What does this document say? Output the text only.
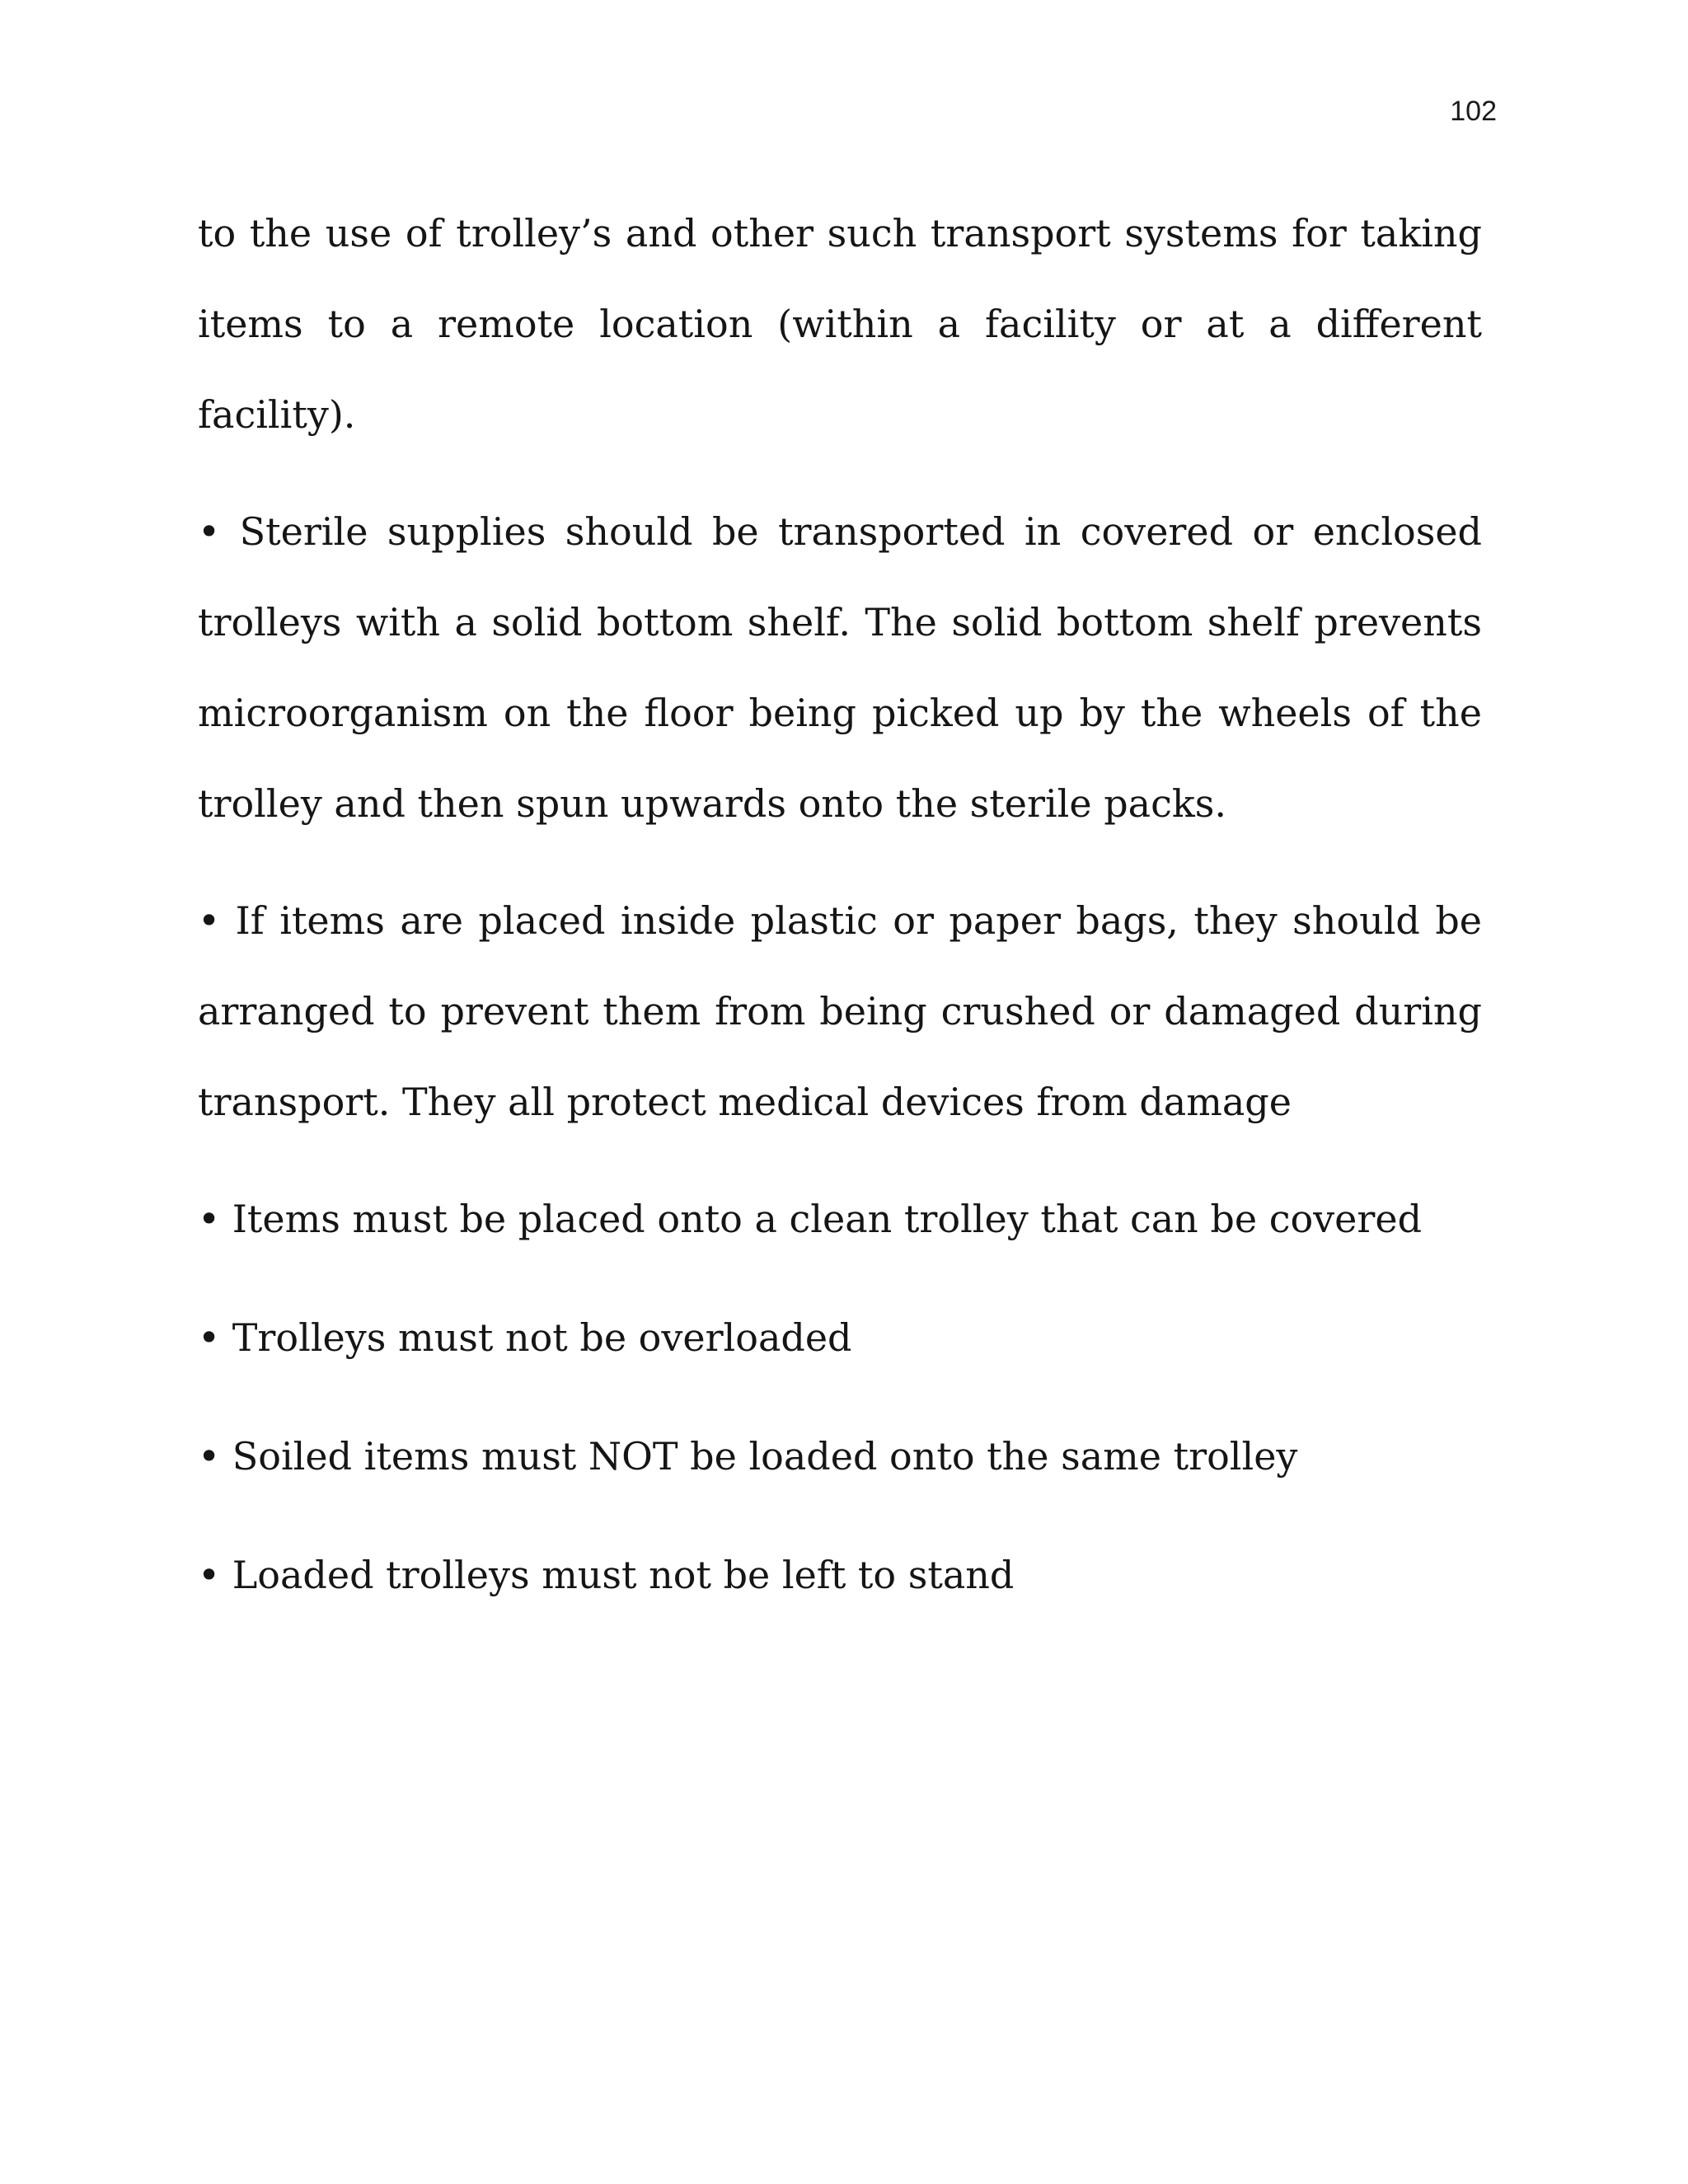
102

to the use of trolley’s and other such transport systems for taking items to a remote location (within a facility or at a different facility).

• Sterile supplies should be transported in covered or enclosed trolleys with a solid bottom shelf. The solid bottom shelf prevents microorganism on the floor being picked up by the wheels of the trolley and then spun upwards onto the sterile packs.

• If items are placed inside plastic or paper bags, they should be arranged to prevent them from being crushed or damaged during transport. They all protect medical devices from damage

• Items must be placed onto a clean trolley that can be covered

• Trolleys must not be overloaded

• Soiled items must NOT be loaded onto the same trolley

• Loaded trolleys must not be left to stand
